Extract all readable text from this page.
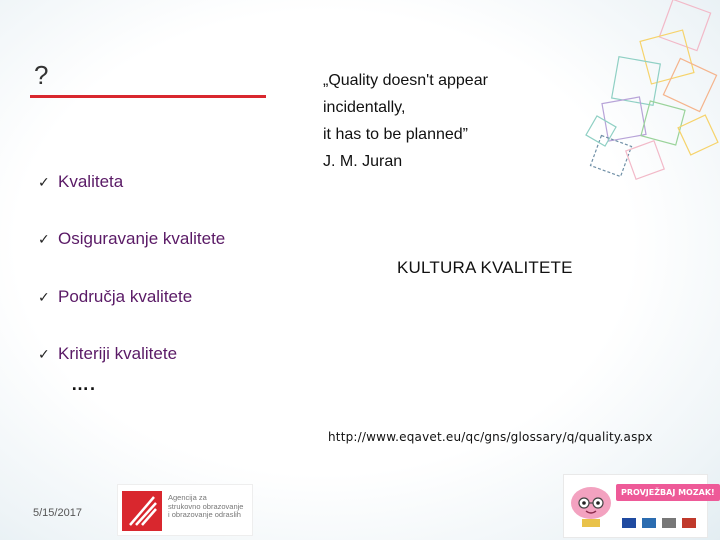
?	„Quality doesn't appear
incidentally,
it has to be planned”
J. M. Juran
✓ Kvaliteta
✓ Osiguravanje kvalitete
✓ Područja kvalitete
✓ Kriteriji kvalitete
….
KULTURA KVALITETE
http://www.eqavet.eu/qc/gns/glossary/q/quality.aspx
5/15/2017
Agencija za
strukovno obrazovanje
i obrazovanje odraslih
PROVJEŽBAJ MOZAK!
